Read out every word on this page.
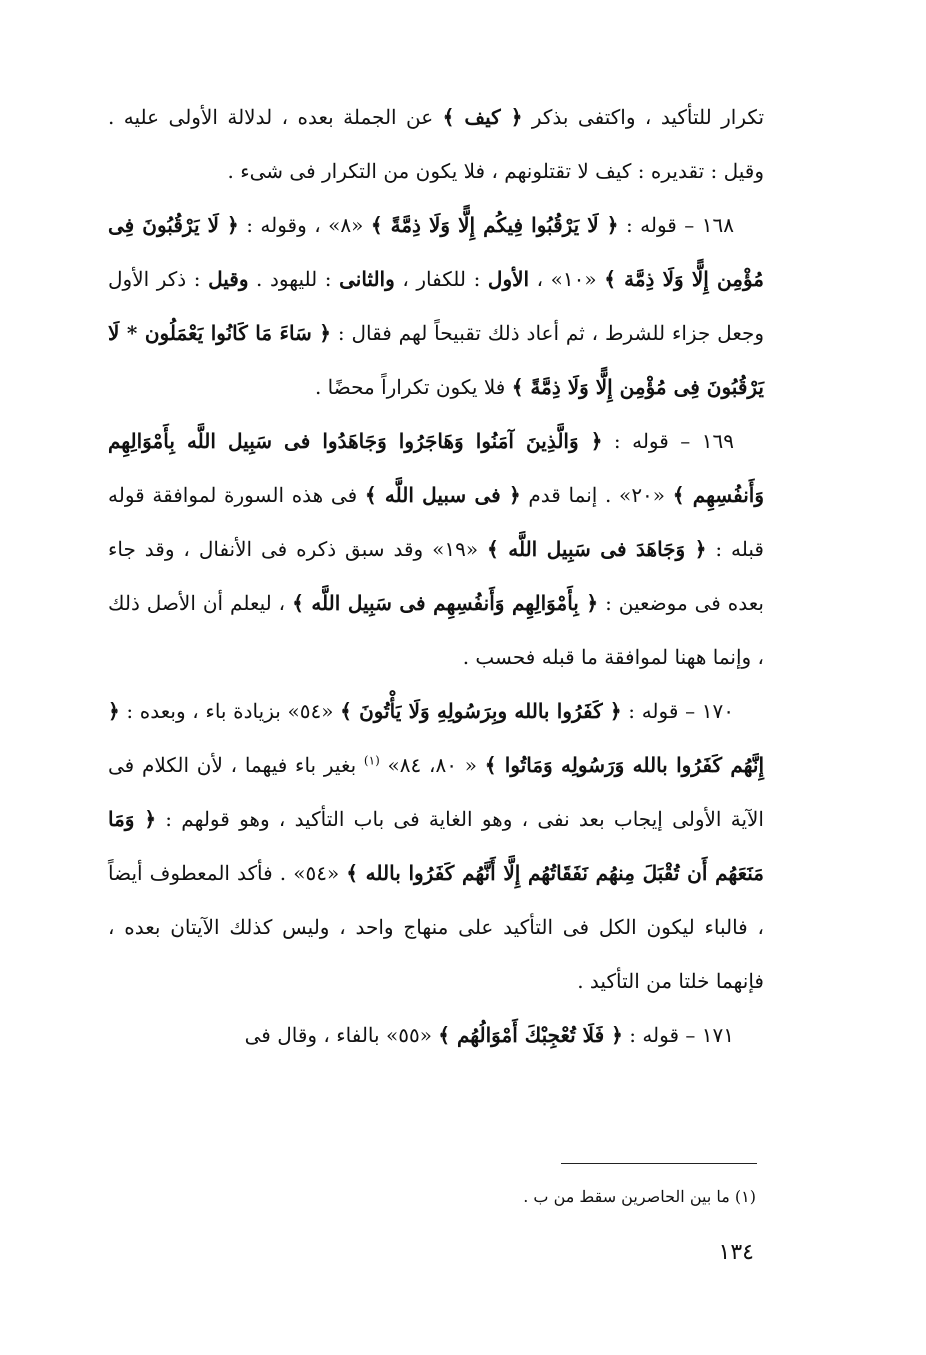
تكرار للتأكيد ، واكتفى بذكر ﴿ كيف ﴾ عن الجملة بعده ، لدلالة الأولى عليه . وقيل : تقديره : كيف لا تقتلونهم ، فلا يكون من التكرار فى شىء .

١٦٨ – قوله : ﴿ لَا يَرْقُبُوا فِيكُم إِلًّا وَلَا ذِمَّةً ﴾ «٨» ، وقوله : ﴿ لَا يَرْقُبُونَ فِى مُؤْمِن إِلًّا وَلَا ذِمَّة ﴾ «١٠» ، الأول : للكفار ، والثانى : لليهود . وقيل : ذكر الأول وجعل جزاء للشرط ، ثم أعاد ذلك تقبيحاً لهم فقال : ﴿ سَاءَ مَا كَانُوا يَعْمَلُون * لَا يَرْقُبُونَ فِى مُؤْمِن إِلًّا وَلَا ذِمَّةً ﴾ فلا يكون تكراراً محضًا .

١٦٩ – قوله : ﴿ وَالَّذِينَ آمَنُوا وَهَاجَرُوا وَجَاهَدُوا فى سَبِيل اللَّه بِأَمْوَالِهِم وَأَنفُسِهِم ﴾ «٢٠» . إنما قدم ﴿ فى سبيل اللَّه ﴾ فى هذه السورة لموافقة قوله قبله : ﴿ وَجَاهَدَ فى سَبِيل اللَّه ﴾ «١٩» وقد سبق ذكره فى الأنفال ، وقد جاء بعده فى موضعين : ﴿ بِأَمْوَالِهِم وَأَنفُسِهِم فى سَبِيل اللَّه ﴾ ، ليعلم أن الأصل ذلك ، وإنما ههنا لموافقة ما قبله فحسب .

١٧٠ – قوله : ﴿ كَفَرُوا بالله وبِرَسُولِهِ وَلَا يَأْتُونَ ﴾ «٥٤» بزيادة باء ، وبعده : ﴿ إِنَّهُم كَفَرُوا بالله وَرَسُولِه وَمَاتُوا ﴾ « ٨٠، ٨٤» $^{(١)}$ بغير باء فيهما ، لأن الكلام فى الآية الأولى إيجاب بعد نفى ، وهو الغاية فى باب التأكيد ، وهو قولهم : ﴿ وَمَا مَنَعَهُم أَن تُقْبَلَ مِنهُم نَفَقَاتُهُم إِلَّا أَنَّهُم كَفَرُوا بالله ﴾ «٥٤» . فأكد المعطوف أيضاً ، فالباء ليكون الكل فى التأكيد على منهاج واحد ، وليس كذلك الآيتان بعده ، فإنهما خلتا من التأكيد .

١٧١ – قوله : ﴿ فَلَا تُعْجِبْكَ أَمْوَالُهُم ﴾ «٥٥» بالفاء ، وقال فى

(١) ما بين الحاصرين سقط من ب .
١٣٤
